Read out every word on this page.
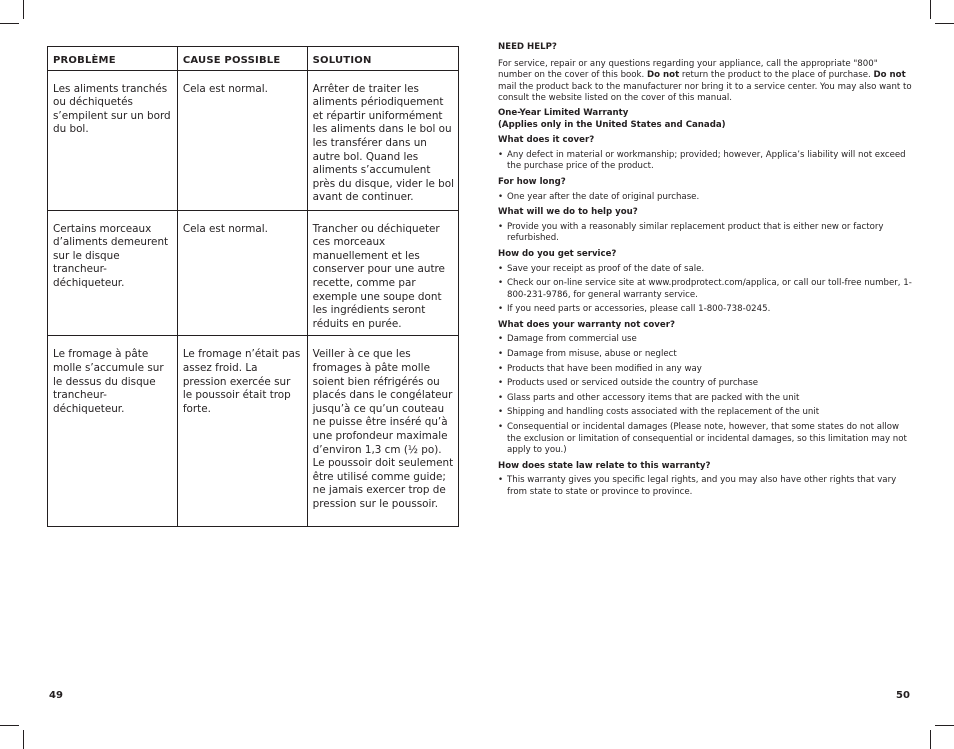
PROBLÈME	CAUSE POSSIBLE	SOLUTION
Les aliments tranchés ou déchiquetés s’empilent sur un bord du bol.	Cela est normal.	Arrêter de traiter les aliments périodiquement et répartir uniformément les aliments dans le bol ou les transférer dans un autre bol. Quand les aliments s’accumulent près du disque, vider le bol avant de continuer.
Certains morceaux d’aliments demeurent sur le disque trancheur-déchiqueteur.	Cela est normal.	Trancher ou déchiqueter ces morceaux manuellement et les conserver pour une autre recette, comme par exemple une soupe dont les ingrédients seront réduits en purée.
Le fromage à pâte molle s’accumule sur le dessus du disque trancheur-déchiqueteur.	Le fromage n’était pas assez froid. La pression exercée sur le poussoir était trop forte.	Veiller à ce que les fromages à pâte molle soient bien réfrigérés ou placés dans le congélateur jusqu’à ce qu’un couteau ne puisse être inséré qu’à une profondeur maximale d’environ 1,3 cm (½ po). Le poussoir doit seulement être utilisé comme guide; ne jamais exercer trop de pression sur le poussoir.

NEED HELP?

For service, repair or any questions regarding your appliance, call the appropriate "800" number on the cover of this book. Do not return the product to the place of purchase. Do not mail the product back to the manufacturer nor bring it to a service center. You may also want to consult the website listed on the cover of this manual.

One-Year Limited Warranty
(Applies only in the United States and Canada)

What does it cover?

• Any defect in material or workmanship; provided; however, Applica’s liability will not exceed the purchase price of the product.

For how long?

• One year after the date of original purchase.

What will we do to help you?

• Provide you with a reasonably similar replacement product that is either new or factory refurbished.

How do you get service?

• Save your receipt as proof of the date of sale.
• Check our on-line service site at www.prodprotect.com/applica, or call our toll-free number, 1-800-231-9786, for general warranty service.
• If you need parts or accessories, please call 1-800-738-0245.

What does your warranty not cover?

• Damage from commercial use
• Damage from misuse, abuse or neglect
• Products that have been modified in any way
• Products used or serviced outside the country of purchase
• Glass parts and other accessory items that are packed with the unit
• Shipping and handling costs associated with the replacement of the unit
• Consequential or incidental damages (Please note, however, that some states do not allow the exclusion or limitation of consequential or incidental damages, so this limitation may not apply to you.)

How does state law relate to this warranty?

• This warranty gives you specific legal rights, and you may also have other rights that vary from state to state or province to province.
49	50
